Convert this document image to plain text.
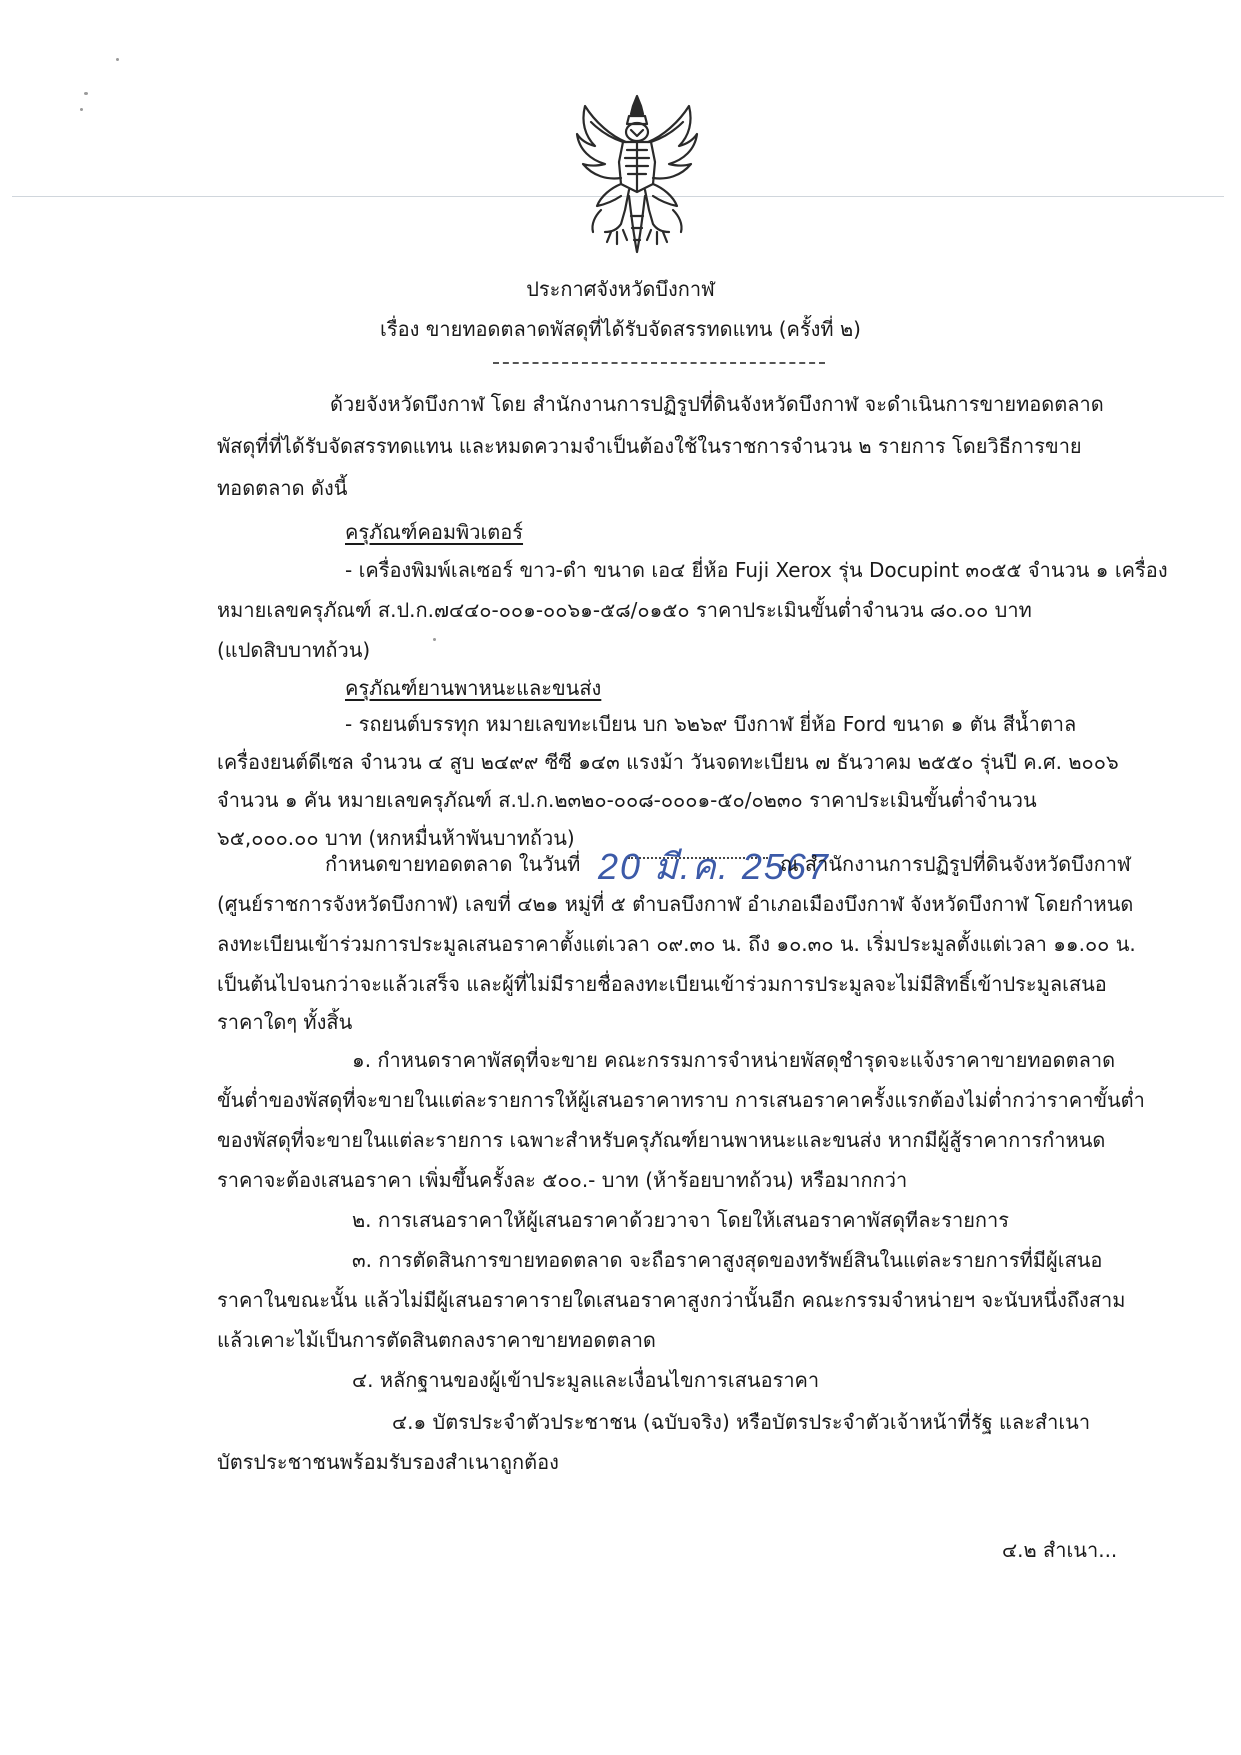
ประกาศจังหวัดบึงกาฬ
เรื่อง ขายทอดตลาดพัสดุที่ได้รับจัดสรรทดแทน (ครั้งที่ ๒)
ด้วยจังหวัดบึงกาฬ โดย สำนักงานการปฏิรูปที่ดินจังหวัดบึงกาฬ จะดำเนินการขายทอดตลาด
พัสดุที่ที่ได้รับจัดสรรทดแทน และหมดความจำเป็นต้องใช้ในราชการจำนวน ๒ รายการ โดยวิธีการขาย
ทอดตลาด ดังนี้
ครุภัณฑ์คอมพิวเตอร์
- เครื่องพิมพ์เลเซอร์ ขาว-ดำ ขนาด เอ๔ ยี่ห้อ Fuji Xerox รุ่น Docupint ๓๐๕๕ จำนวน ๑ เครื่อง
หมายเลขครุภัณฑ์ ส.ป.ก.๗๔๔๐-๐๐๑-๐๐๖๑-๕๘/๐๑๕๐ ราคาประเมินขั้นต่ำจำนวน ๘๐.๐๐ บาท
(แปดสิบบาทถ้วน)
ครุภัณฑ์ยานพาหนะและขนส่ง
- รถยนต์บรรทุก หมายเลขทะเบียน บก ๖๒๖๙ บึงกาฬ ยี่ห้อ Ford ขนาด ๑ ตัน สีน้ำตาล
เครื่องยนต์ดีเซล จำนวน ๔ สูบ ๒๔๙๙ ซีซี ๑๔๓ แรงม้า วันจดทะเบียน ๗ ธันวาคม ๒๕๕๐ รุ่นปี ค.ศ. ๒๐๐๖
จำนวน ๑ คัน หมายเลขครุภัณฑ์ ส.ป.ก.๒๓๒๐-๐๐๘-๐๐๐๑-๕๐/๐๒๓๐ ราคาประเมินขั้นต่ำจำนวน
๖๕,๐๐๐.๐๐ บาท (หกหมื่นห้าพันบาทถ้วน)
กำหนดขายทอดตลาด ในวันที่ 20 มี.ค. 2567
ณ สำนักงานการปฏิรูปที่ดินจังหวัดบึงกาฬ
(ศูนย์ราชการจังหวัดบึงกาฬ) เลขที่ ๔๒๑ หมู่ที่ ๕ ตำบลบึงกาฬ อำเภอเมืองบึงกาฬ จังหวัดบึงกาฬ โดยกำหนด
ลงทะเบียนเข้าร่วมการประมูลเสนอราคาตั้งแต่เวลา ๐๙.๓๐ น. ถึง ๑๐.๓๐ น. เริ่มประมูลตั้งแต่เวลา ๑๑.๐๐ น.
เป็นต้นไปจนกว่าจะแล้วเสร็จ และผู้ที่ไม่มีรายชื่อลงทะเบียนเข้าร่วมการประมูลจะไม่มีสิทธิ์เข้าประมูลเสนอ
ราคาใดๆ ทั้งสิ้น
๑. กำหนดราคาพัสดุที่จะขาย คณะกรรมการจำหน่ายพัสดุชำรุดจะแจ้งราคาขายทอดตลาด
ขั้นต่ำของพัสดุที่จะขายในแต่ละรายการให้ผู้เสนอราคาทราบ การเสนอราคาครั้งแรกต้องไม่ต่ำกว่าราคาขั้นต่ำ
ของพัสดุที่จะขายในแต่ละรายการ เฉพาะสำหรับครุภัณฑ์ยานพาหนะและขนส่ง หากมีผู้สู้ราคาการกำหนด
ราคาจะต้องเสนอราคา เพิ่มขึ้นครั้งละ ๕๐๐.- บาท (ห้าร้อยบาทถ้วน) หรือมากกว่า
๒. การเสนอราคาให้ผู้เสนอราคาด้วยวาจา โดยให้เสนอราคาพัสดุทีละรายการ
๓. การตัดสินการขายทอดตลาด จะถือราคาสูงสุดของทรัพย์สินในแต่ละรายการที่มีผู้เสนอ
ราคาในขณะนั้น แล้วไม่มีผู้เสนอราคารายใดเสนอราคาสูงกว่านั้นอีก คณะกรรมจำหน่ายฯ จะนับหนึ่งถึงสาม
แล้วเคาะไม้เป็นการตัดสินตกลงราคาขายทอดตลาด
๔. หลักฐานของผู้เข้าประมูลและเงื่อนไขการเสนอราคา
๔.๑ บัตรประจำตัวประชาชน (ฉบับจริง) หรือบัตรประจำตัวเจ้าหน้าที่รัฐ และสำเนา
บัตรประชาชนพร้อมรับรองสำเนาถูกต้อง
๔.๒ สำเนา...
